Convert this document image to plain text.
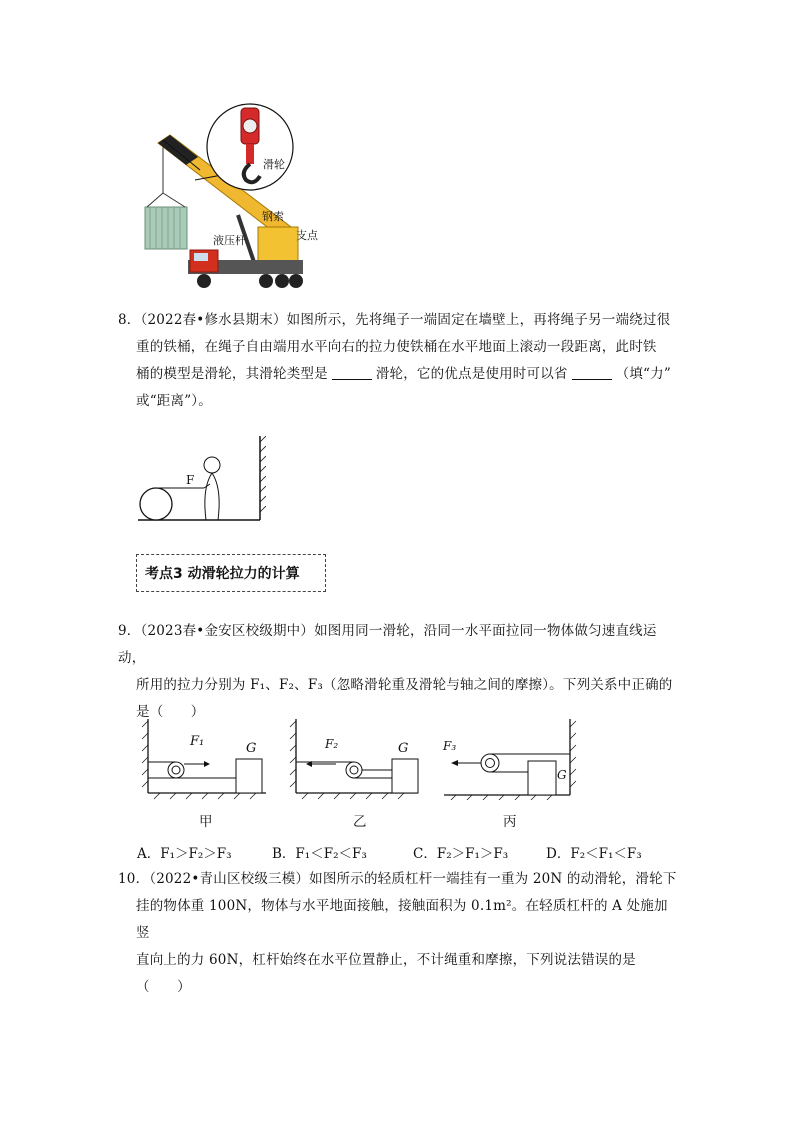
滑轮
钢索
支点
液压杆
8．（2022春•修水县期末）如图所示，先将绳子一端固定在墙壁上，再将绳子另一端绕过很
重的铁桶，在绳子自由端用水平向右的拉力使铁桶在水平地面上滚动一段距离，此时铁
桶的模型是滑轮，其滑轮类型是	滑轮，它的优点是使用时可以省	（填“力”
或“距离”）。
F
考点3 动滑轮拉力的计算
9．（2023春•金安区校级期中）如图用同一滑轮，沿同一水平面拉同一物体做匀速直线运动，
所用的拉力分别为 F₁、F₂、F₃（忽略滑轮重及滑轮与轴之间的摩擦）。下列关系中正确的
是（　　）
F₁	G
甲
F₂	G
乙
F₃
G
丙
A．F₁＞F₂＞F₃	B．F₁＜F₂＜F₃	C．F₂＞F₁＞F₃	D．F₂＜F₁＜F₃
10．（2022•青山区校级三模）如图所示的轻质杠杆一端挂有一重为 20N 的动滑轮，滑轮下
挂的物体重 100N，物体与水平地面接触，接触面积为 0.1m²。在轻质杠杆的 A 处施加竖
直向上的力 60N，杠杆始终在水平位置静止，不计绳重和摩擦，下列说法错误的是（　　）
